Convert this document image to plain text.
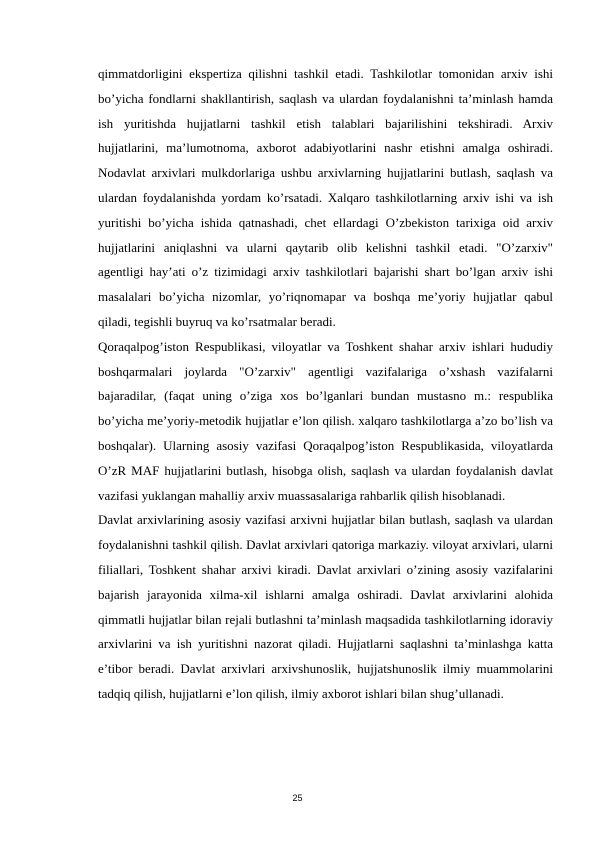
qimmatdorligini ekspertiza qilishni tashkil etadi. Tashkilotlar tomonidan arxiv ishi bo’yicha fondlarni shakllantirish, saqlash va ulardan foydalanishni ta’minlash hamda ish yuritishda hujjatlarni tashkil etish talablari bajarilishini tekshiradi. Arxiv hujjatlarini, ma’lumotnoma, axborot adabiyotlarini nashr etishni amalga oshiradi. Nodavlat arxivlari mulkdorlariga ushbu arxivlarning hujjatlarini butlash, saqlash va ulardan foydalanishda yordam ko’rsatadi. Xalqaro tashkilotlarning arxiv ishi va ish yuritishi bo’yicha ishida qatnashadi, chet ellardagi O’zbekiston tarixiga oid arxiv hujjatlarini aniqlashni va ularni qaytarib olib kelishni tashkil etadi. "O’zarxiv" agentligi hay’ati o’z tizimidagi arxiv tashkilotlari bajarishi shart bo’lgan arxiv ishi masalalari bo’yicha nizomlar, yo’riqnomapar va boshqa me’yoriy hujjatlar qabul qiladi, tegishli buyruq va ko’rsatmalar beradi.

Qoraqalpog’iston Respublikasi, viloyatlar va Toshkent shahar arxiv ishlari hududiy boshqarmalari joylarda "O’zarxiv" agentligi vazifalariga o’xshash vazifalarni bajaradilar, (faqat uning o’ziga xos bo’lganlari bundan mustasno m.: respublika bo’yicha me’yoriy-metodik hujjatlar e’lon qilish. xalqaro tashkilotlarga a’zo bo’lish va boshqalar). Ularning asosiy vazifasi Qoraqalpog’iston Respublikasida, viloyatlarda O’zR MAF hujjatlarini butlash, hisobga olish, saqlash va ulardan foydalanish davlat vazifasi yuklangan mahalliy arxiv muassasalariga rahbarlik qilish hisoblanadi.

Davlat arxivlarining asosiy vazifasi arxivni hujjatlar bilan butlash, saqlash va ulardan foydalanishni tashkil qilish. Davlat arxivlari qatoriga markaziy. viloyat arxivlari, ularni filiallari, Toshkent shahar arxivi kiradi. Davlat arxivlari o’zining asosiy vazifalarini bajarish jarayonida xilma-xil ishlarni amalga oshiradi. Davlat arxivlarini alohida qimmatli hujjatlar bilan rejali butlashni ta’minlash maqsadida tashkilotlarning idoraviy arxivlarini va ish yuritishni nazorat qiladi. Hujjatlarni saqlashni ta’minlashga katta e’tibor beradi. Davlat arxivlari arxivshunoslik, hujjatshunoslik ilmiy muammolarini tadqiq qilish, hujjatlarni e’lon qilish, ilmiy axborot ishlari bilan shug’ullanadi.

25
